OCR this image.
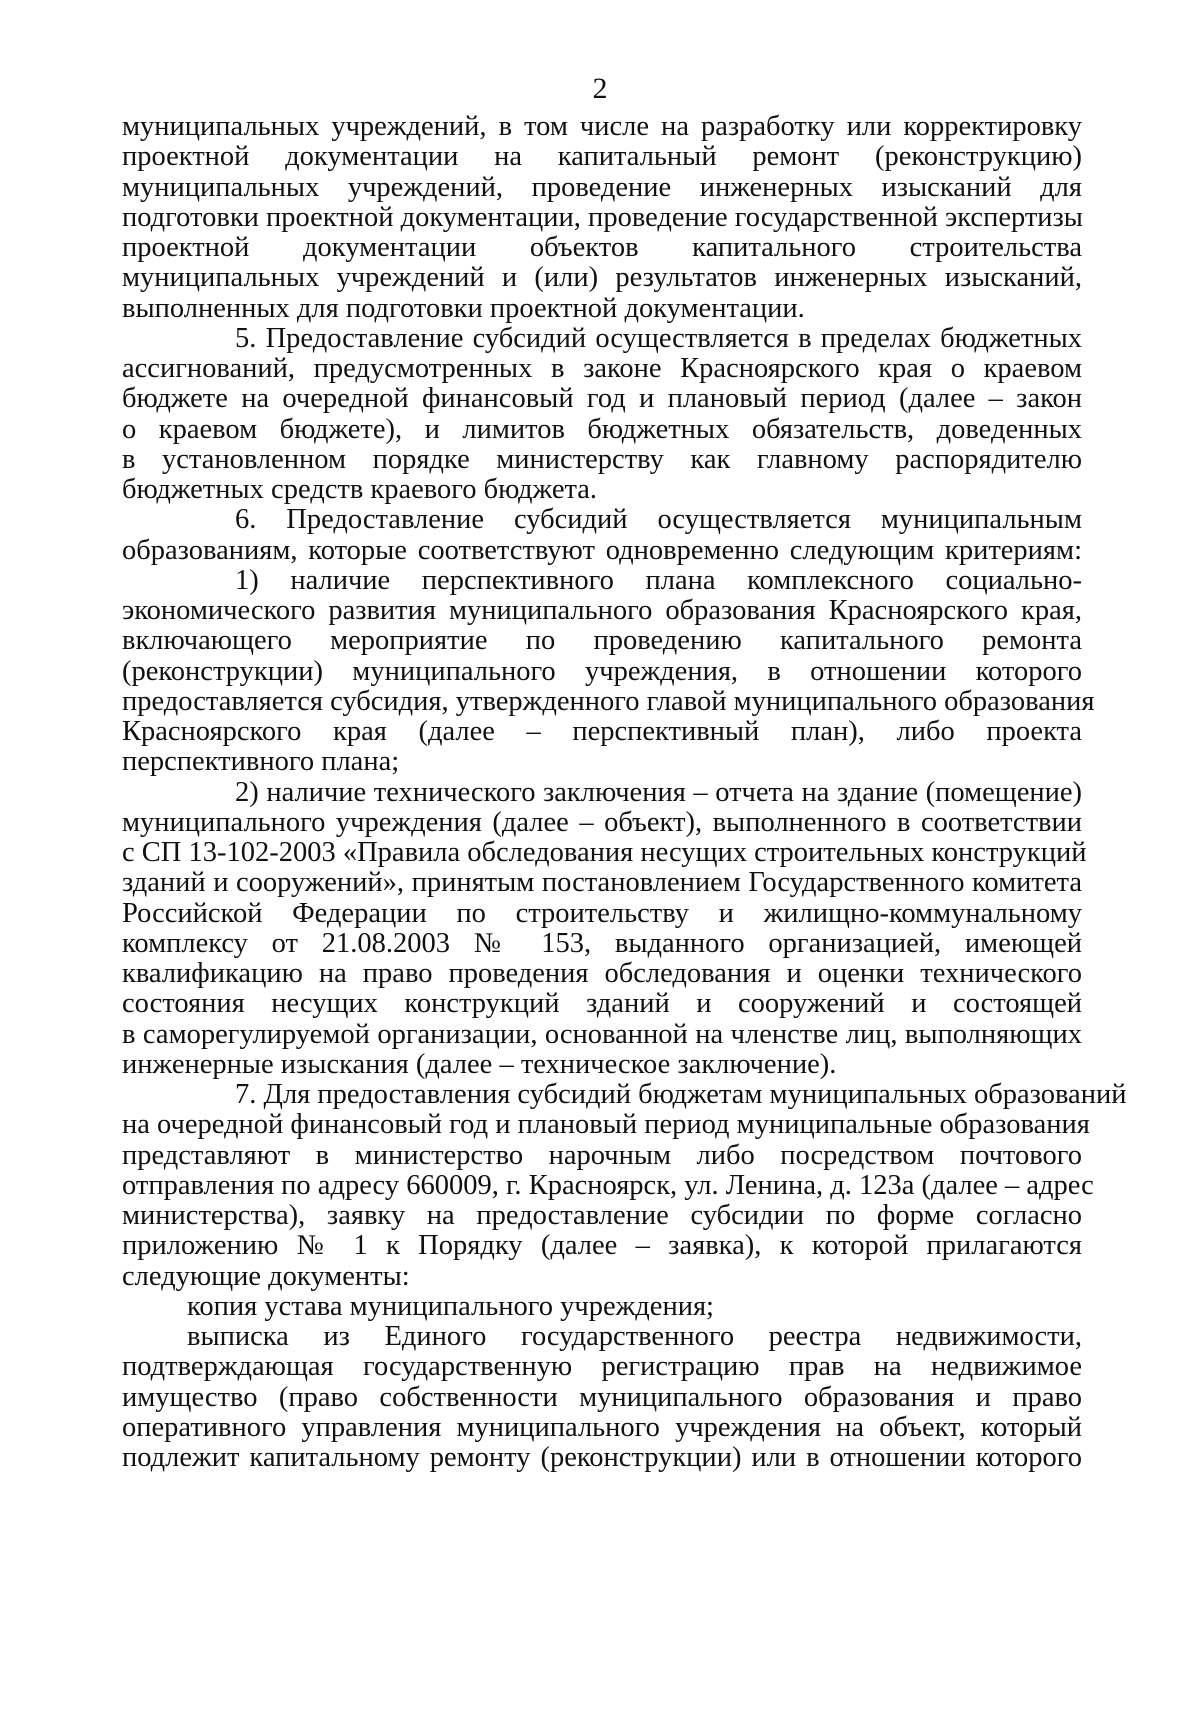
2
муниципальных учреждений, в том числе на разработку или корректировку
проектной документации на капитальный ремонт (реконструкцию)
муниципальных учреждений, проведение инженерных изысканий для
подготовки проектной документации, проведение государственной экспертизы
проектной документации объектов капитального строительства
муниципальных учреждений и (или) результатов инженерных изысканий,
выполненных для подготовки проектной документации.
5. Предоставление субсидий осуществляется в пределах бюджетных
ассигнований, предусмотренных в законе Красноярского края о краевом
бюджете на очередной финансовый год и плановый период (далее – закон
о краевом бюджете), и лимитов бюджетных обязательств, доведенных
в установленном порядке министерству как главному распорядителю
бюджетных средств краевого бюджета.
6. Предоставление субсидий осуществляется муниципальным
образованиям, которые соответствуют одновременно следующим критериям:
1) наличие перспективного плана комплексного социально-
экономического развития муниципального образования Красноярского края,
включающего мероприятие по проведению капитального ремонта
(реконструкции) муниципального учреждения, в отношении которого
предоставляется субсидия, утвержденного главой муниципального образования
Красноярского края (далее – перспективный план), либо проекта
перспективного плана;
2) наличие технического заключения – отчета на здание (помещение)
муниципального учреждения (далее – объект), выполненного в соответствии
с СП 13-102-2003 «Правила обследования несущих строительных конструкций
зданий и сооружений», принятым постановлением Государственного комитета
Российской Федерации по строительству и жилищно-коммунальному
комплексу от 21.08.2003 № 153, выданного организацией, имеющей
квалификацию на право проведения обследования и оценки технического
состояния несущих конструкций зданий и сооружений и состоящей
в саморегулируемой организации, основанной на членстве лиц, выполняющих
инженерные изыскания (далее – техническое заключение).
7. Для предоставления субсидий бюджетам муниципальных образований
на очередной финансовый год и плановый период муниципальные образования
представляют в министерство нарочным либо посредством почтового
отправления по адресу 660009, г. Красноярск, ул. Ленина, д. 123а (далее – адрес
министерства), заявку на предоставление субсидии по форме согласно
приложению № 1 к Порядку (далее – заявка), к которой прилагаются
следующие документы:
копия устава муниципального учреждения;
выписка из Единого государственного реестра недвижимости,
подтверждающая государственную регистрацию прав на недвижимое
имущество (право собственности муниципального образования и право
оперативного управления муниципального учреждения на объект, который
подлежит капитальному ремонту (реконструкции) или в отношении которого
